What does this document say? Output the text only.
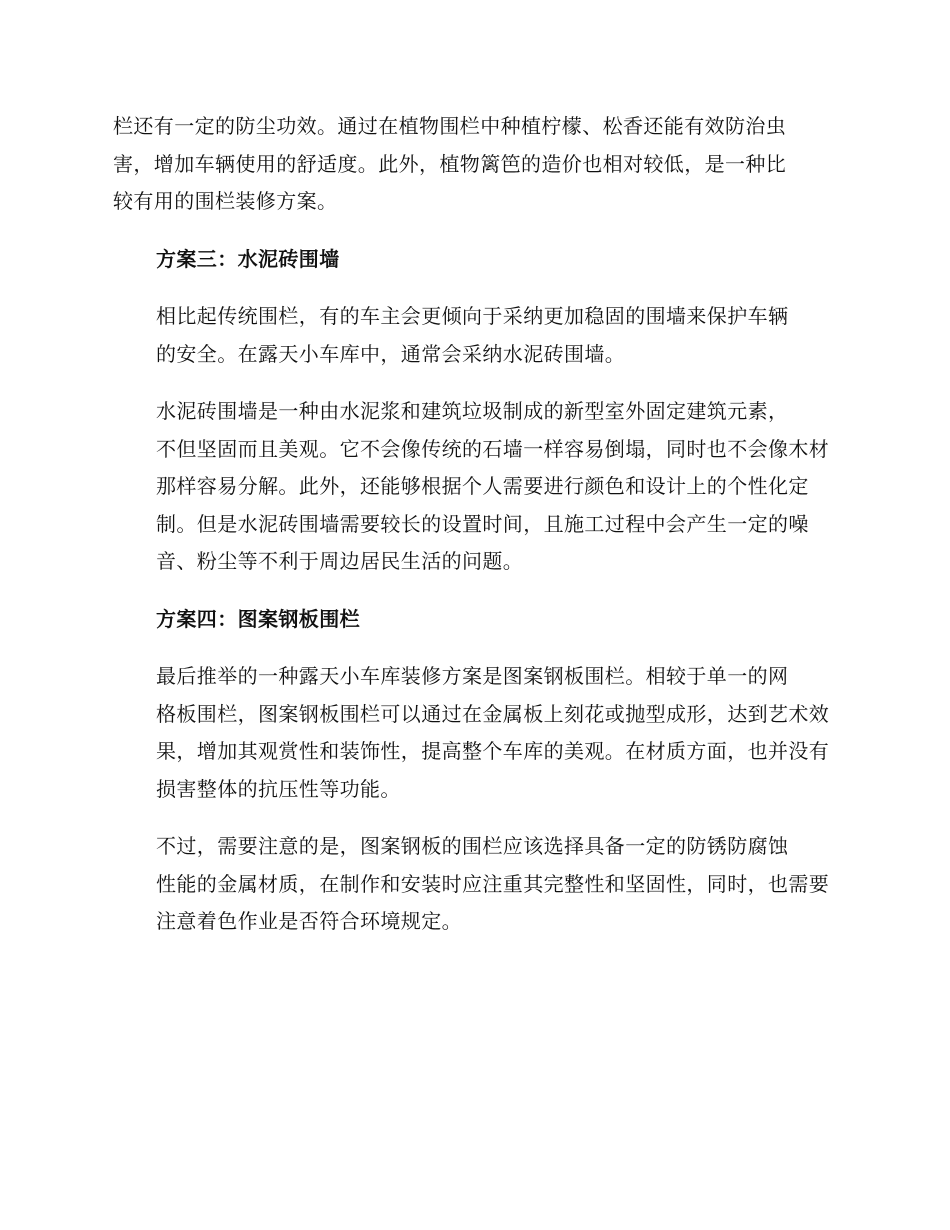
栏还有一定的防尘功效。通过在植物围栏中种植柠檬、松香还能有效防治虫
害，增加车辆使用的舒适度。此外，植物篱笆的造价也相对较低，是一种比
较有用的围栏装修方案。

方案三：水泥砖围墙

相比起传统围栏，有的车主会更倾向于采纳更加稳固的围墙来保护车辆
的安全。在露天小车库中，通常会采纳水泥砖围墙。

水泥砖围墙是一种由水泥浆和建筑垃圾制成的新型室外固定建筑元素，
不但坚固而且美观。它不会像传统的石墙一样容易倒塌，同时也不会像木材
那样容易分解。此外，还能够根据个人需要进行颜色和设计上的个性化定
制。但是水泥砖围墙需要较长的设置时间，且施工过程中会产生一定的噪
音、粉尘等不利于周边居民生活的问题。

方案四：图案钢板围栏

最后推举的一种露天小车库装修方案是图案钢板围栏。相较于单一的网
格板围栏，图案钢板围栏可以通过在金属板上刻花或抛型成形，达到艺术效
果，增加其观赏性和装饰性，提高整个车库的美观。在材质方面，也并没有
损害整体的抗压性等功能。

不过，需要注意的是，图案钢板的围栏应该选择具备一定的防锈防腐蚀
性能的金属材质，在制作和安装时应注重其完整性和坚固性，同时，也需要
注意着色作业是否符合环境规定。
